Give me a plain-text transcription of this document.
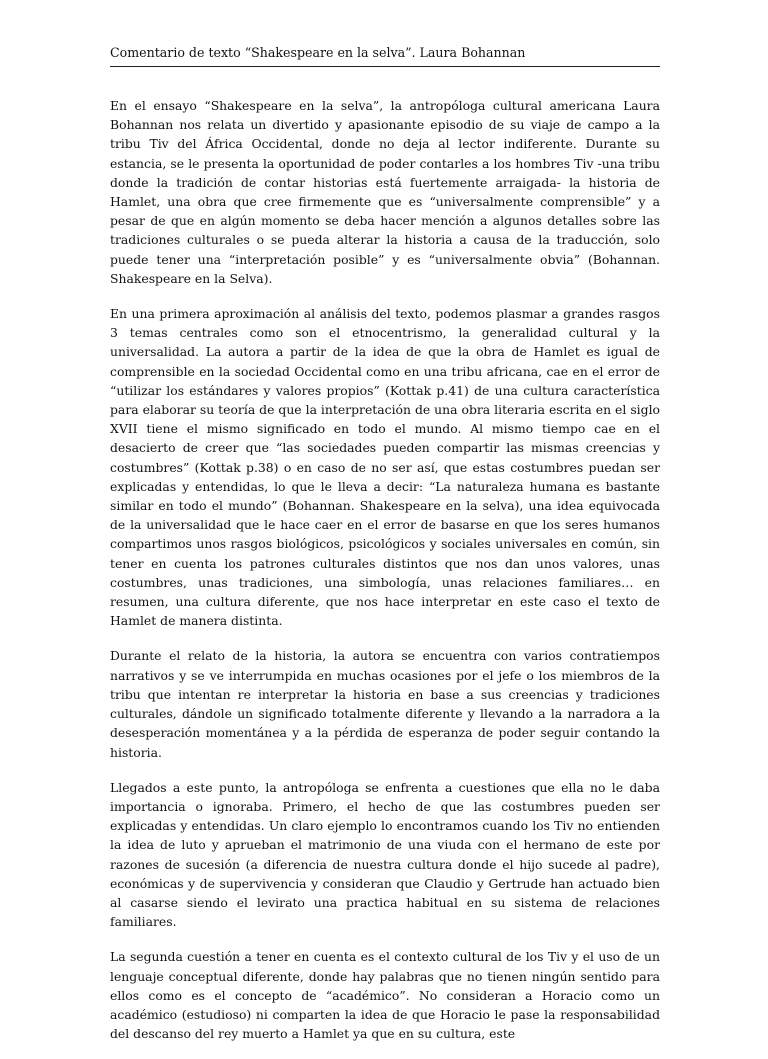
Comentario de texto “Shakespeare en la selva”. Laura Bohannan

En el ensayo “Shakespeare en la selva”, la antropóloga cultural americana Laura Bohannan nos relata un divertido y apasionante episodio de su viaje de campo a la tribu Tiv del África Occidental, donde no deja al lector indiferente. Durante su estancia, se le presenta la oportunidad de poder contarles a los hombres Tiv -una tribu donde la tradición de contar historias está fuertemente arraigada- la historia de Hamlet, una obra que cree firmemente que es “universalmente comprensible” y a pesar de que en algún momento se deba hacer mención a algunos detalles sobre las tradiciones culturales o se pueda alterar la historia a causa de la traducción, solo puede tener una “interpretación posible” y es “universalmente obvia” (Bohannan. Shakespeare en la Selva).

En una primera aproximación al análisis del texto, podemos plasmar a grandes rasgos 3 temas centrales como son el etnocentrismo, la generalidad cultural y la universalidad. La autora a partir de la idea de que la obra de Hamlet es igual de comprensible en la sociedad Occidental como en una tribu africana, cae en el error de “utilizar los estándares y valores propios” (Kottak p.41) de una cultura característica para elaborar su teoría de que la interpretación de una obra literaria escrita en el siglo XVII tiene el mismo significado en todo el mundo. Al mismo tiempo cae en el desacierto de creer que “las sociedades pueden compartir las mismas creencias y costumbres” (Kottak p.38) o en caso de no ser así, que estas costumbres puedan ser explicadas y entendidas, lo que le lleva a decir: “La naturaleza humana es bastante similar en todo el mundo” (Bohannan. Shakespeare en la selva), una idea equivocada de la universalidad que le hace caer en el error de basarse en que los seres humanos compartimos unos rasgos biológicos, psicológicos y sociales universales en común, sin tener en cuenta los patrones culturales distintos que nos dan unos valores, unas costumbres, unas tradiciones, una simbología, unas relaciones familiares… en resumen, una cultura diferente, que nos hace interpretar en este caso el texto de Hamlet de manera distinta.

Durante el relato de la historia, la autora se encuentra con varios contratiempos narrativos y se ve interrumpida en muchas ocasiones por el jefe o los miembros de la tribu que intentan re interpretar la historia en base a sus creencias y tradiciones culturales, dándole un significado totalmente diferente y llevando a la narradora a la desesperación momentánea y a la pérdida de esperanza de poder seguir contando la historia.

Llegados a este punto, la antropóloga se enfrenta a cuestiones que ella no le daba importancia o ignoraba. Primero, el hecho de que las costumbres pueden ser explicadas y entendidas. Un claro ejemplo lo encontramos cuando los Tiv no entienden la idea de luto y aprueban el matrimonio de una viuda con el hermano de este por razones de sucesión (a diferencia de nuestra cultura donde el hijo sucede al padre), económicas y de supervivencia y consideran que Claudio y Gertrude han actuado bien al casarse siendo el levirato una practica habitual en su sistema de relaciones familiares.

La segunda cuestión a tener en cuenta es el contexto cultural de los Tiv y el uso de un lenguaje conceptual diferente, donde hay palabras que no tienen ningún sentido para ellos como es el concepto de “académico”. No consideran a Horacio como un académico (estudioso) ni comparten la idea de que Horacio le pase la responsabilidad del descanso del rey muerto a Hamlet ya que en su cultura, este
